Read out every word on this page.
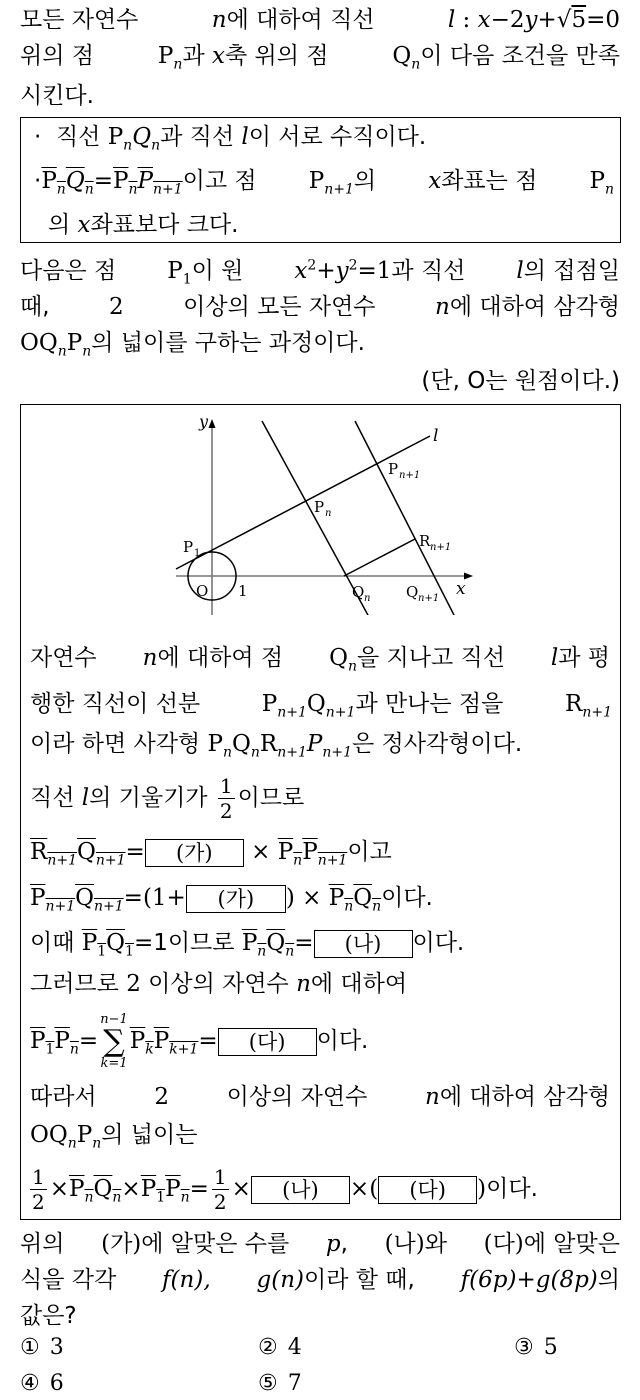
모든 자연수	n에 대하여 직선	l : x−2y+√5=0
위의 점	$P_n$과 x축 위의 점	$Q_n$이 다음 조건을 만족
시킨다.
· 직선 $P_nQ_n$과 직선 l이 서로 수직이다.
$\cdot P_nQ_n=P_nP_{n+1}$이고 점 $P_{n+1}$의 x좌표는 점 $P_n$
의 x좌표보다 크다.
다음은 점 $P_1$이 원 $x^2+y^2=1$과 직선 l의 접점일
때,	2	이상의 모든 자연수	n에 대하여 삼각형
$OQ_nP_n$의 넓이를 구하는 과정이다.
(단, O는 원점이다.)
y
x
l
O 1
P 1
P n
P n+1
R n+1
Q n Q n+1
자연수 n에 대하여 점 $Q_n$을 지나고 직선 l과 평
행한 직선이 선분	$P_{n+1}Q_{n+1}$과 만나는 점을	$R_{n+1}$
이라 하면 사각형 $P_nQ_nR_{n+1}P_{n+1}$은 정사각형이다.
직선 l의 기울기가 $\frac{1}{2}$ 이므로
$R_{n+1}Q_{n+1}=$ (가) × $P_nP_{n+1}$이고
$P_{n+1}Q_{n+1}=(1+$ (가) ) × $P_nQ_n$이다.
이때 $P_1Q_1=1$이므로 $P_nQ_n=$ (나) 이다.
그러므로 2 이상의 자연수 n에 대하여
$P_1P_n=$
n−1
∑
k=1
$P_kP_{k+1}=$ (다) 이다.
따라서	2	이상의 자연수	n에 대하여 삼각형
$OQ_nP_n$의 넓이는
$\frac{1}{2} \times P_nQ_n\times P_1P_n= \frac{1}{2}$ × (나) ×( (다) )이다.
위의 (가)에 알맞은 수를 p, (나)와 (다)에 알맞은
식을 각각 f(n), g(n)이라 할 때, f(6p)+g(8p)의
값은?
① 3	② 4	③ 5
④ 6	⑤ 7
